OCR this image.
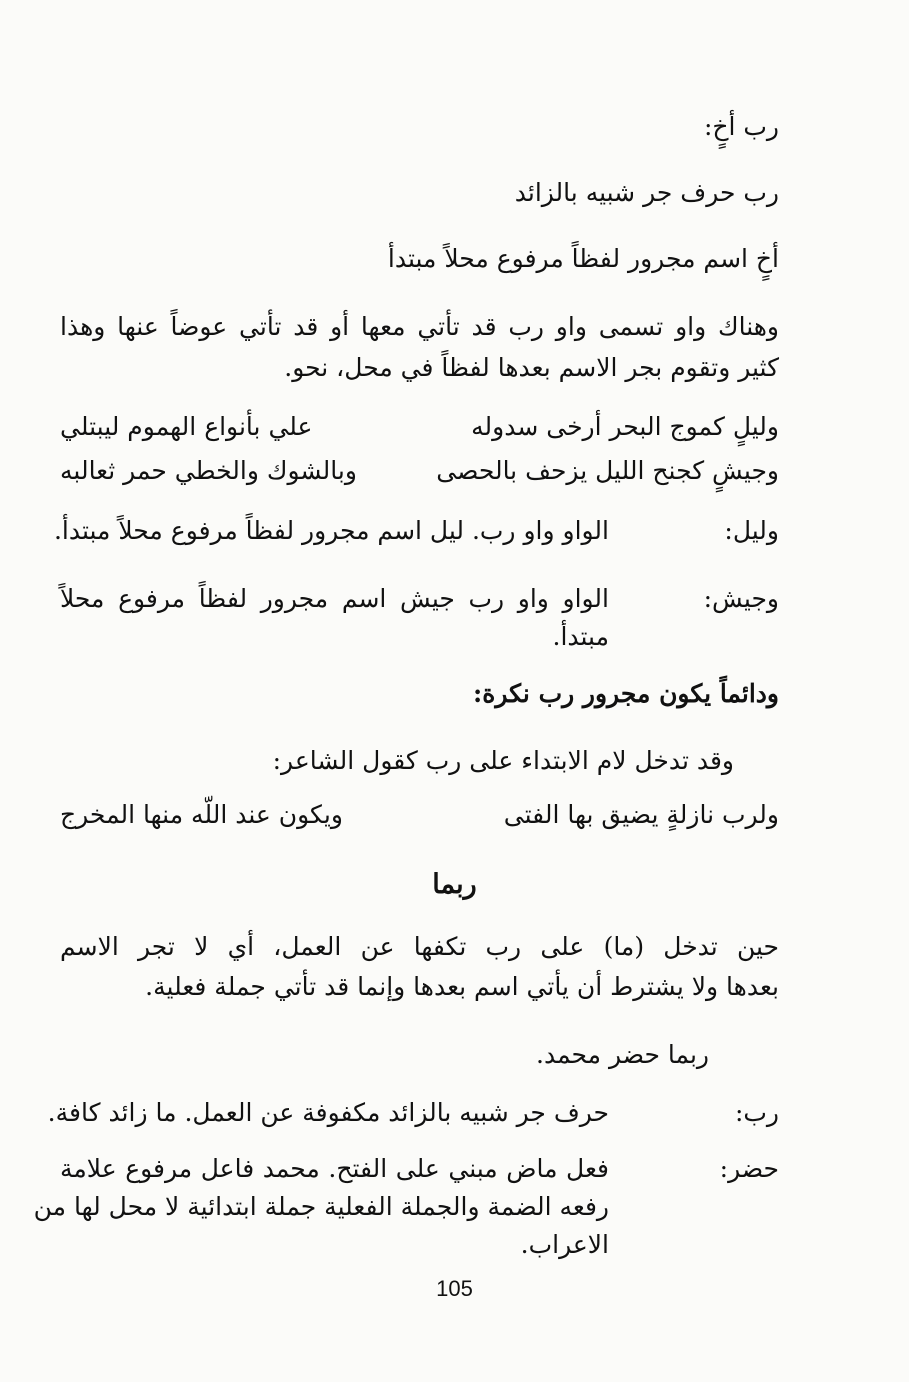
رب أخٍ:
رب حرف جر شبيه بالزائد
أخٍ اسم مجرور لفظاً مرفوع محلاً مبتدأ
وهناك واو تسمى واو رب قد تأتي معها أو قد تأتي عوضاً عنها وهذا
كثير وتقوم بجر الاسم بعدها لفظاً في محل، نحو.
وليلٍ كموج البحر أرخى سدوله
علي بأنواع الهموم ليبتلي
وجيشٍ كجنح الليل يزحف بالحصى
وبالشوك والخطي حمر ثعالبه
وليل:
الواو واو رب. ليل اسم مجرور لفظاً مرفوع محلاً مبتدأ.
وجيش:
الواو واو رب جيش اسم مجرور لفظاً مرفوع محلاً
مبتدأ.
ودائماً يكون مجرور رب نكرة:
وقد تدخل لام الابتداء على رب كقول الشاعر:
ولرب نازلةٍ يضيق بها الفتى
ويكون عند اللّه منها المخرج
ربما
حين تدخل (ما) على رب تكفها عن العمل، أي لا تجر الاسم
بعدها ولا يشترط أن يأتي اسم بعدها وإنما قد تأتي جملة فعلية.
ربما حضر محمد.
رب:
حرف جر شبيه بالزائد مكفوفة عن العمل. ما زائد كافة.
حضر:
فعل ماض مبني على الفتح. محمد فاعل مرفوع علامة
رفعه الضمة والجملة الفعلية جملة ابتدائية لا محل لها من
الاعراب.
105
